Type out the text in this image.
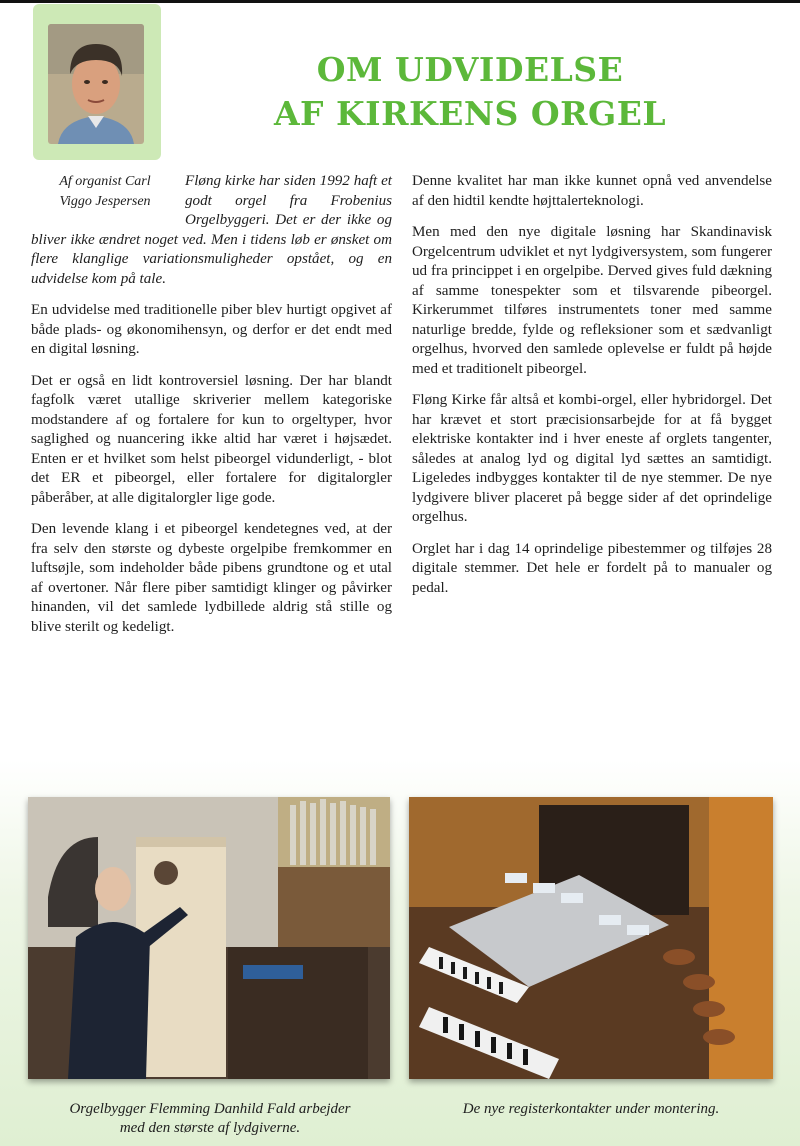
OM UDVIDELSE
AF KIRKENS ORGEL
Af organist Carl
Viggo Jespersen

Fløng kirke har siden 1992 haft et godt orgel fra Frobenius Orgelbyggeri. Det er der ikke og bliver ikke ændret noget ved. Men i tidens løb er ønsket om flere klanglige variationsmuligheder opstået, og en udvidelse kom på tale.

En udvidelse med traditionelle piber blev hurtigt opgivet af både plads- og økonomihensyn, og derfor er det endt med en digital løsning.

Det er også en lidt kontroversiel løsning. Der har blandt fagfolk været utallige skriverier mellem kategoriske modstandere af og fortalere for kun to orgeltyper, hvor saglighed og nuancering ikke altid har været i højsædet. Enten er et hvilket som helst pibeorgel vidunderligt, - blot det ER et pibeorgel, eller fortalere for digitalorgler påberåber, at alle digitalorgler lige gode.

Den levende klang i et pibeorgel kendetegnes ved, at der fra selv den største og dybeste orgelpibe fremkommer en luftsøjle, som indeholder både pibens grundtone og et utal af overtoner. Når flere piber samtidigt klinger og påvirker hinanden, vil det samlede lydbillede aldrig stå stille og blive sterilt og kedeligt.

Denne kvalitet har man ikke kunnet opnå ved anvendelse af den hidtil kendte højttalerteknologi.

Men med den nye digitale løsning har Skandinavisk Orgelcentrum udviklet et nyt lydgiversystem, som fungerer ud fra princippet i en orgelpibe. Derved gives fuld dækning af samme tonespekter som et tilsvarende pibeorgel. Kirkerummet tilføres instrumentets toner med samme naturlige bredde, fylde og refleksioner som et sædvanligt orgelhus, hvorved den samlede oplevelse er fuldt på højde med et traditionelt pibeorgel.

Fløng Kirke får altså et kombi-orgel, eller hybridorgel. Det har krævet et stort præcisionsarbejde for at få bygget elektriske kontakter ind i hver eneste af orglets tangenter, således at analog lyd og digital lyd sættes an samtidigt. Ligeledes indbygges kontakter til de nye stemmer. De nye lydgivere bliver placeret på begge sider af det oprindelige orgelhus.

Orglet har i dag 14 oprindelige pibestemmer og tilføjes 28 digitale stemmer. Det hele er fordelt på to manualer og pedal.

Orgelbygger Flemming Danhild Fald arbejder
med den største af lydgiverne.
De nye registerkontakter under montering.
